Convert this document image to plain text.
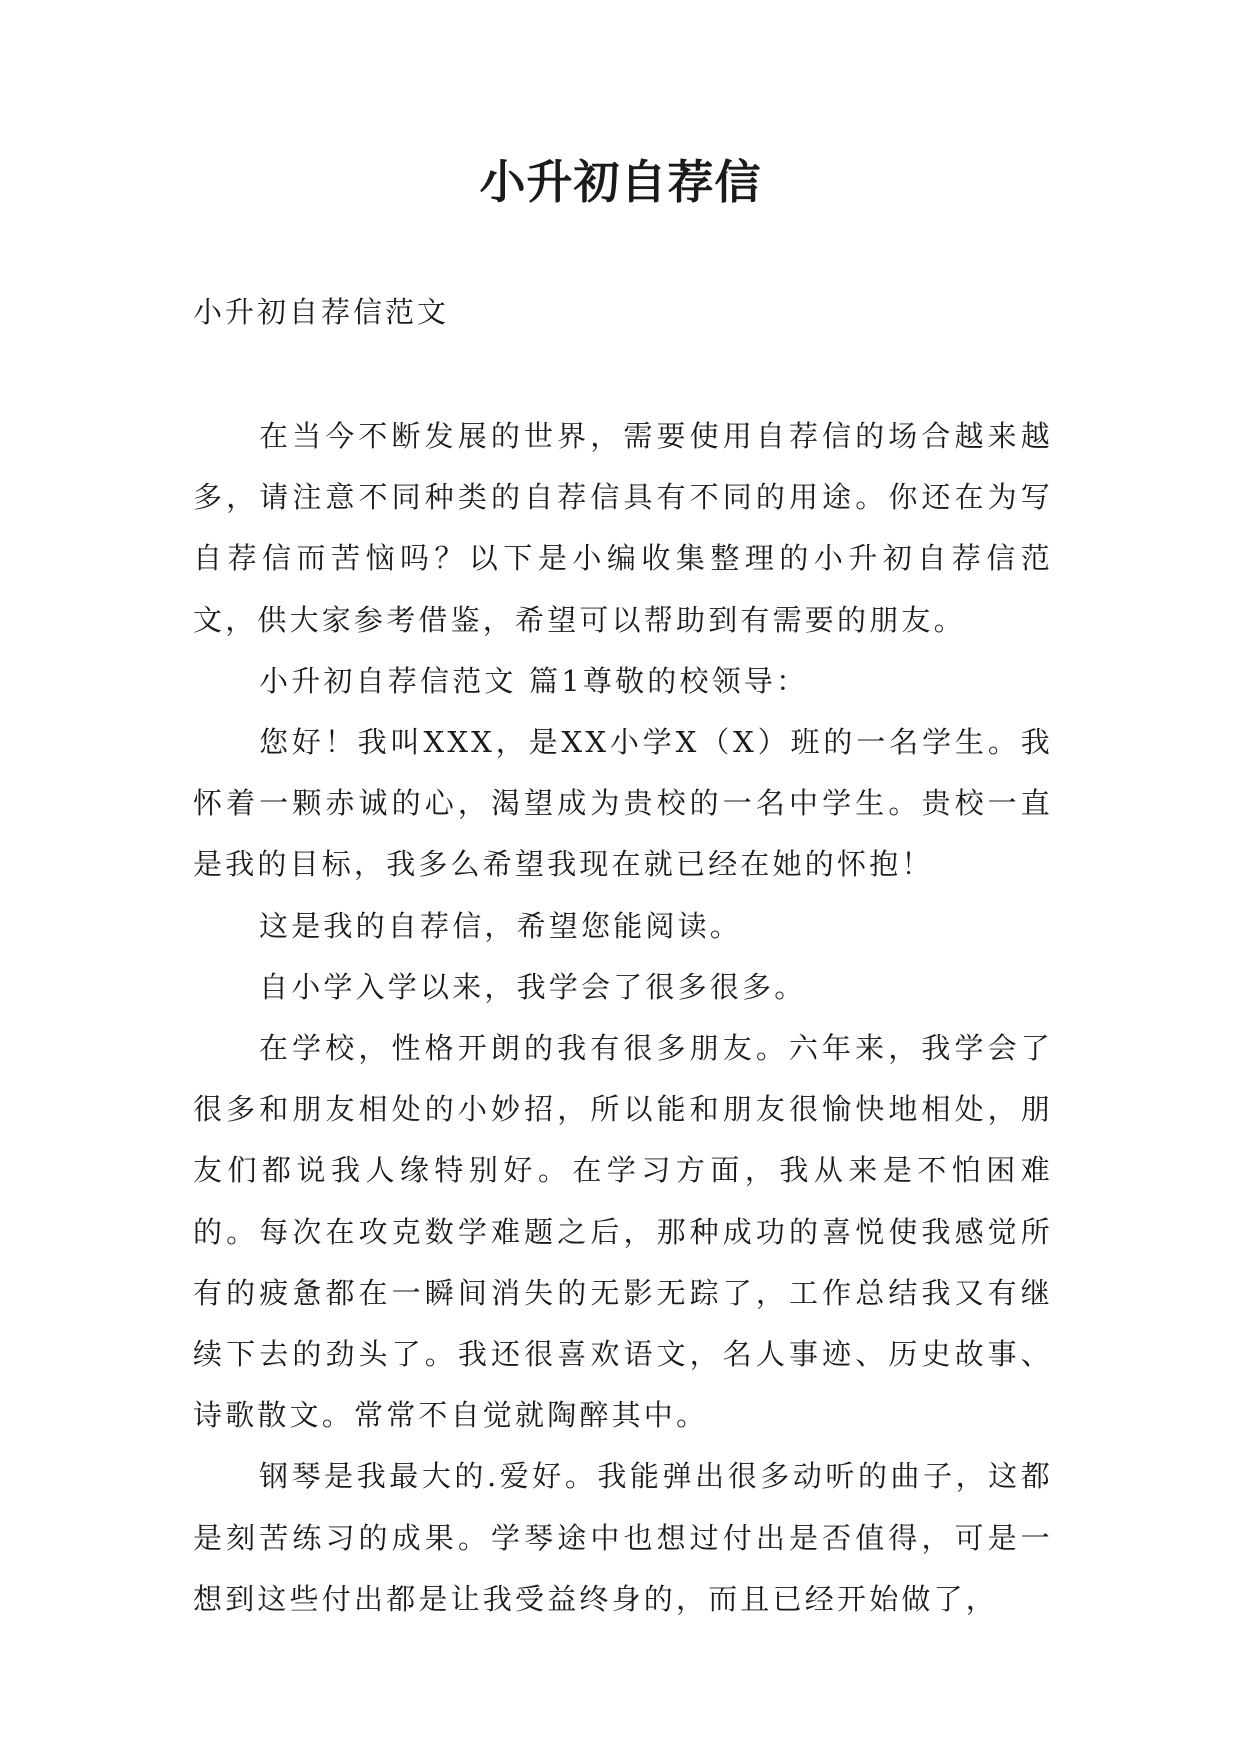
小升初自荐信
小升初自荐信范文

在当今不断发展的世界，需要使用自荐信的场合越来越多，请注意不同种类的自荐信具有不同的用途。你还在为写自荐信而苦恼吗？以下是小编收集整理的小升初自荐信范文，供大家参考借鉴，希望可以帮助到有需要的朋友。

小升初自荐信范文 篇1尊敬的校领导：

您好！我叫XXX，是XX小学X（X）班的一名学生。我怀着一颗赤诚的心，渴望成为贵校的一名中学生。贵校一直是我的目标，我多么希望我现在就已经在她的怀抱！

这是我的自荐信，希望您能阅读。

自小学入学以来，我学会了很多很多。

在学校，性格开朗的我有很多朋友。六年来，我学会了很多和朋友相处的小妙招，所以能和朋友很愉快地相处，朋友们都说我人缘特别好。在学习方面，我从来是不怕困难的。每次在攻克数学难题之后，那种成功的喜悦使我感觉所有的疲惫都在一瞬间消失的无影无踪了，工作总结我又有继续下去的劲头了。我还很喜欢语文，名人事迹、历史故事、诗歌散文。常常不自觉就陶醉其中。

钢琴是我最大的.爱好。我能弹出很多动听的曲子，这都是刻苦练习的成果。学琴途中也想过付出是否值得，可是一想到这些付出都是让我受益终身的，而且已经开始做了，
